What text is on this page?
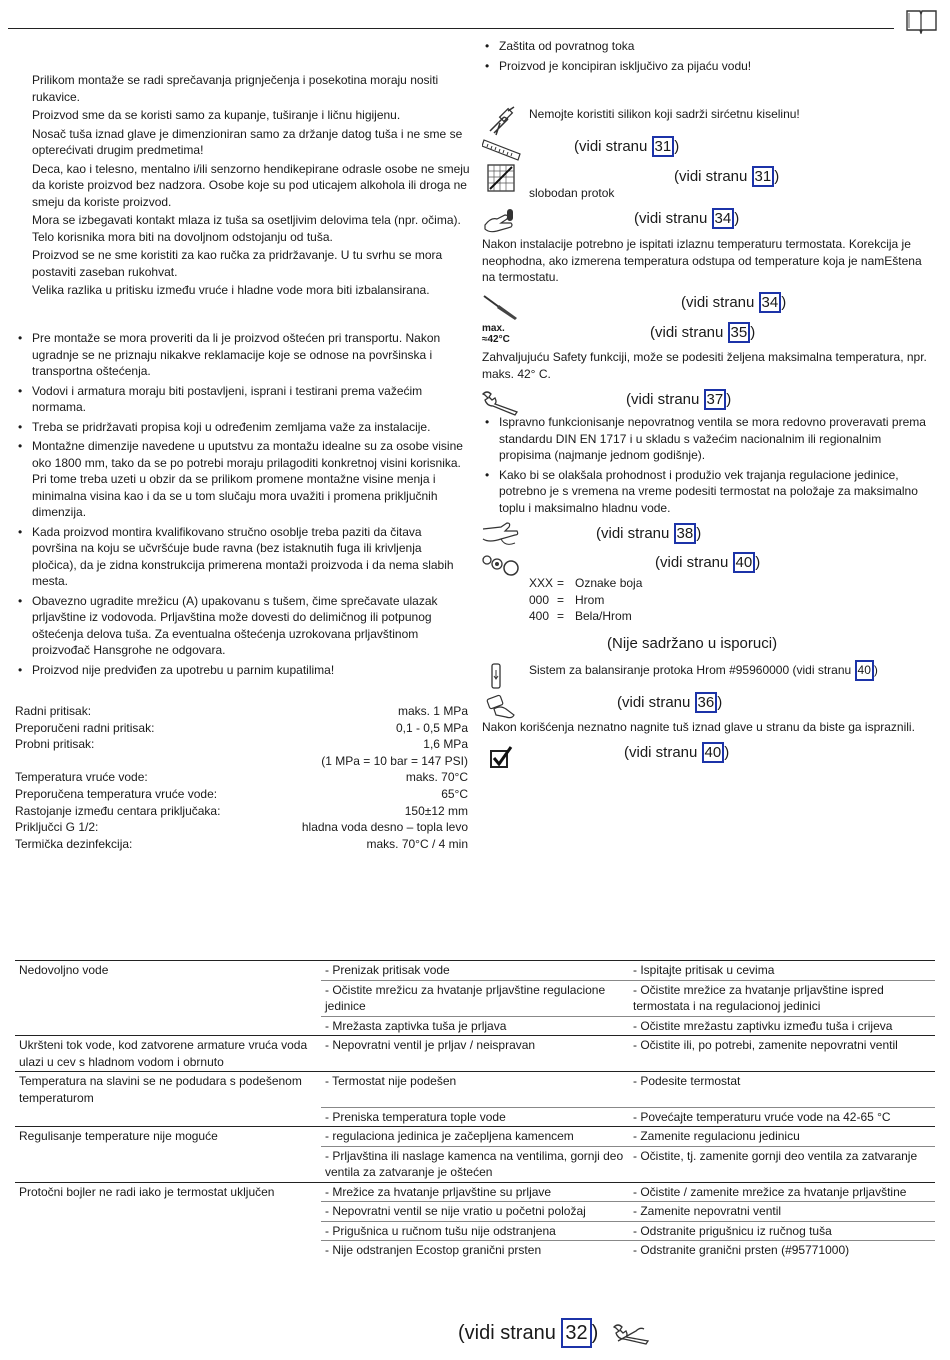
Prilikom montaže se radi sprečavanja prignječenja i posekotina moraju nositi rukavice.

Proizvod sme da se koristi samo za kupanje, tuširanje i ličnu higijenu.

Nosač tuša iznad glave je dimenzioniran samo za držanje datog tuša i ne sme se opterećivati drugim predmetima!

Deca, kao i telesno, mentalno i/ili senzorno hendikepirane odrasle osobe ne smeju da koriste proizvod bez nadzora. Osobe koje su pod uticajem alkohola ili droga ne smeju da koriste proizvod.

Mora se izbegavati kontakt mlaza iz tuša sa osetljivim delovima tela (npr. očima). Telo korisnika mora biti na dovoljnom odstojanju od tuša.

Proizvod se ne sme koristiti za kao ručka za pridržavanje. U tu svrhu se mora postaviti zaseban rukohvat.

Velika razlika u pritisku između vruće i hladne vode mora biti izbalansirana.

• Pre montaže se mora proveriti da li je proizvod oštećen pri transportu. Nakon ugradnje se ne priznaju nikakve reklamacije koje se odnose na površinska i transportna oštećenja.
• Vodovi i armatura moraju biti postavljeni, isprani i testirani prema važećim normama.
• Treba se pridržavati propisa koji u određenim zemljama važe za instalacije.
• Montažne dimenzije navedene u uputstvu za montažu idealne su za osobe visine oko 1800 mm, tako da se po potrebi moraju prilagoditi konkretnoj visini korisnika. Pri tome treba uzeti u obzir da se prilikom promene montažne visine menja i minimalna visina kao i da se u tom slučaju mora uvažiti i promena priključnih dimenzija.
• Kada proizvod montira kvalifikovano stručno osoblje treba paziti da čitava površina na koju se učvršćuje bude ravna (bez istaknutih fuga ili krivljenja pločica), da je zidna konstrukcija primerena montaži proizvoda i da nema slabih mesta.
• Obavezno ugradite mrežicu (A) upakovanu s tušem, čime sprečavate ulazak prljavštine iz vodovoda. Prljavština može dovesti do delimičnog ili potpunog oštećenja delova tuša. Za eventualna oštećenja uzrokovana prljavštinom proizvođač Hansgrohe ne odgovara.
• Proizvod nije predviđen za upotrebu u parnim kupatilima!
Radni pritisak:	maks. 1 MPa
Preporučeni radni pritisak:	0,1 - 0,5 MPa
Probni pritisak:	1,6 MPa
(1 MPa = 10 bar = 147 PSI)
Temperatura vruće vode:	maks. 70°C
Preporučena temperatura vruće vode:	65°C
Rastojanje između centara priključaka:	150±12 mm
Priključci G 1/2:	hladna voda desno – topla levo
Termička dezinfekcija:	maks. 70°C / 4 min
• Zaštita od povratnog toka
• Proizvod je koncipiran isključivo za pijaću vodu!
Nemojte koristiti silikon koji sadrži sirćetnu kiselinu!
(vidi stranu 31 )
(vidi stranu 31 )
slobodan protok
(vidi stranu 34 )
Nakon instalacije potrebno je ispitati izlaznu temperaturu termostata. Korekcija je neophodna, ako izmerena temperatura odstupa od temperature koja je namEštena na termostatu.
(vidi stranu 34 )
max.
≈42°C	(vidi stranu 35 )
Zahvaljujuću Safety funkciji, može se podesiti željena maksimalna temperatura, npr. maks. 42° C.
(vidi stranu 37 )
• Ispravno funkcionisanje nepovratnog ventila se mora redovno proveravati prema standardu DIN EN 1717 i u skladu s važećim nacionalnim ili regionalnim propisima (najmanje jednom godišnje).
• Kako bi se olakšala prohodnost i produžio vek trajanja regulacione jedinice, potrebno je s vremena na vreme podesiti termostat na položaje za maksimalno toplu i maksimalno hladnu vode.
(vidi stranu 38 )
(vidi stranu 40 )
XXX = Oznake boja
000 = Hrom
400 = Bela/Hrom
(Nije sadržano u isporuci)
Sistem za balansiranje protoka Hrom #95960000 (vidi stranu 40 )
(vidi stranu 36 )
Nakon korišćenja neznatno nagnite tuš iznad glave u stranu da biste ga ispraznili.
(vidi stranu 40 )
Nedovoljno vode	- Prenizak pritisak vode	- Ispitajte pritisak u cevima
	- Očistite mrežicu za hvatanje prljavštine regulacione jedinice	- Očistite mrežice za hvatanje prljavštine ispred termostata i na regulacionoj jedinici
	- Mrežasta zaptivka tuša je prljava	- Očistite mrežastu zaptivku između tuša i crijeva
Ukršteni tok vode, kod zatvorene armature vruća voda ulazi u cev s hladnom vodom i obrnuto	- Nepovratni ventil je prljav / neispravan	- Očistite ili, po potrebi, zamenite nepovratni ventil
Temperatura na slavini se ne podudara s podešenom temperaturom	- Termostat nije podešen	- Podesite termostat
	- Preniska temperatura tople vode	- Povećajte temperaturu vruće vode na 42-65 °C
Regulisanje temperature nije moguće	- regulaciona jedinica je začepljena kamencem	- Zamenite regulacionu jedinicu
	- Prljavština ili naslage kamenca na ventilima, gornji deo ventila za zatvaranje je oštećen	- Očistite, tj. zamenite gornji deo ventila za zatvaranje
Protočni bojler ne radi iako je termostat uključen	- Mrežice za hvatanje prljavštine su prljave	- Očistite / zamenite mrežice za hvatanje prljavštine
	- Nepovratni ventil se nije vratio u početni položaj	- Zamenite nepovratni ventil
	- Prigušnica u ručnom tušu nije odstranjena	- Odstranite prigušnicu iz ručnog tuša
	- Nije odstranjen Ecostop granični prsten	- Odstranite granični prsten (#95771000)
(vidi stranu 32 )
